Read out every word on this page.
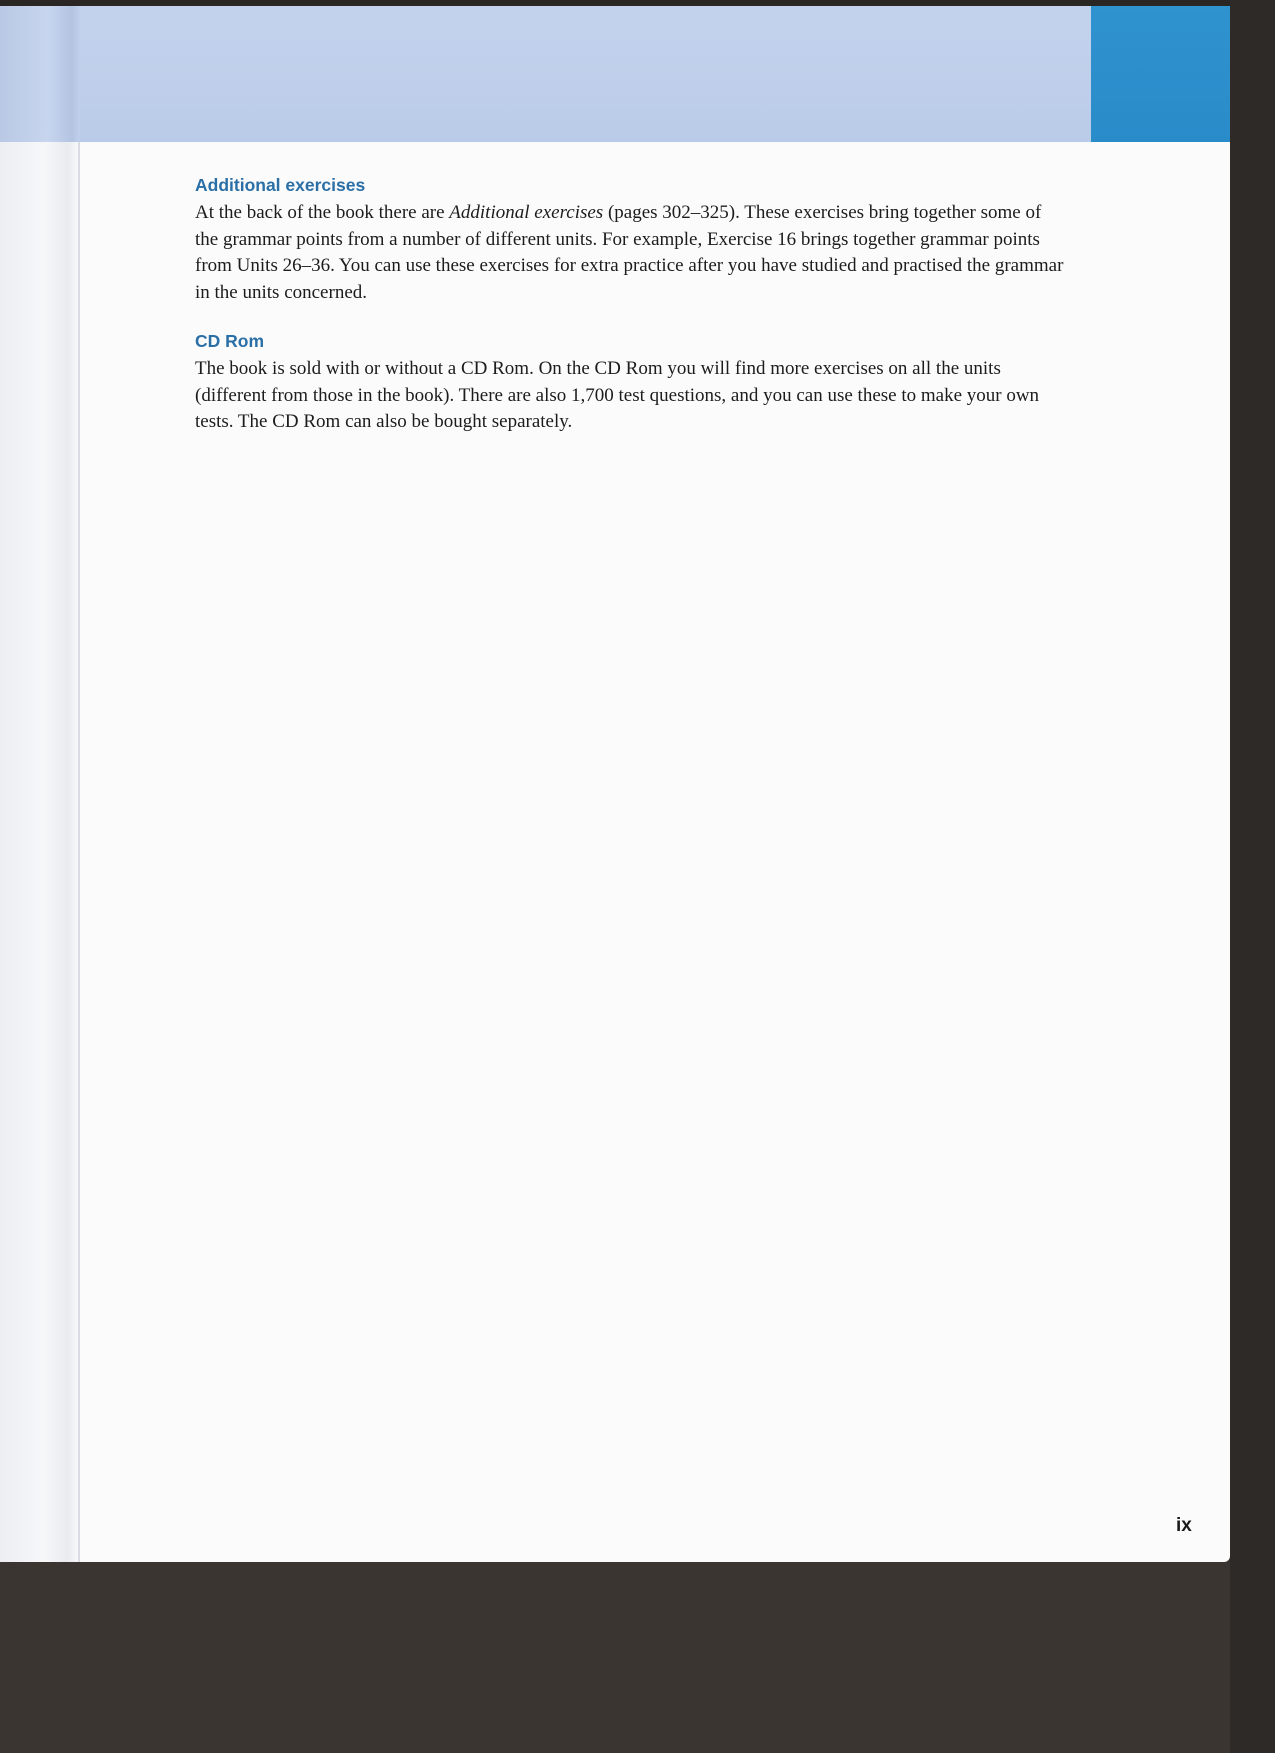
Additional exercises

At the back of the book there are Additional exercises (pages 302–325). These exercises bring together some of the grammar points from a number of different units. For example, Exercise 16 brings together grammar points from Units 26–36. You can use these exercises for extra practice after you have studied and practised the grammar in the units concerned.

CD Rom

The book is sold with or without a CD Rom. On the CD Rom you will find more exercises on all the units (different from those in the book). There are also 1,700 test questions, and you can use these to make your own tests. The CD Rom can also be bought separately.

ix
